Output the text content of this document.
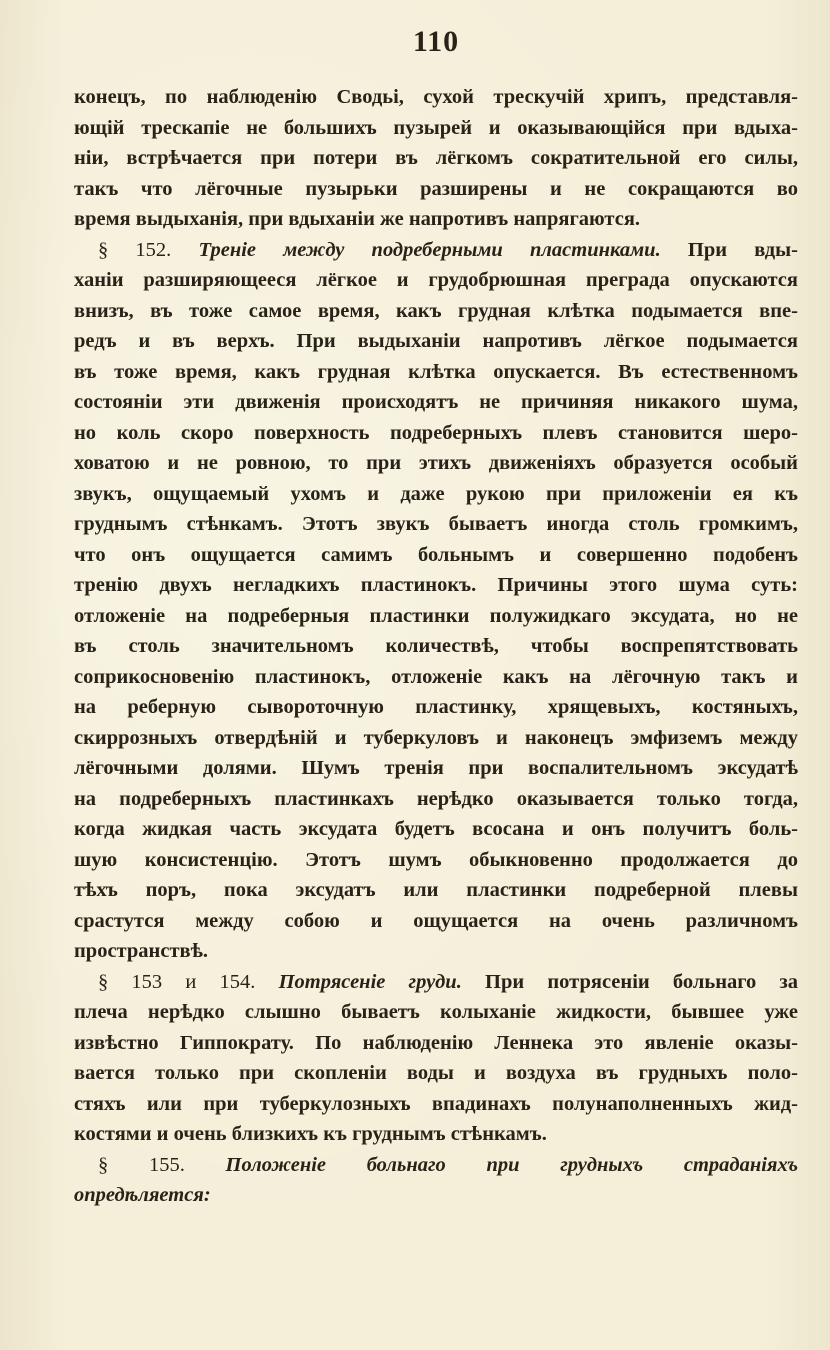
110
конецъ, по наблюденію Сводьі, сухой трескучій хрипъ, представля-
ющій трескапіе не большихъ пузырей и оказывающійся при вдыха-
ніи, встрѣчается при потери въ лёгкомъ сократительной его силы,
такъ что лёгочные пузырьки разширены и не сокращаются во
время выдыханія, при вдыханіи же напротивъ напрягаются.
§ 152. Треніе между подреберными пластинками. При вды-
ханіи разширяющееся лёгкое и грудобрюшная преграда опускаются
внизъ, въ тоже самое время, какъ грудная клѣтка подымается впе-
редъ и въ верхъ. При выдыханіи напротивъ лёгкое подымается
въ тоже время, какъ грудная клѣтка опускается. Въ естественномъ
состояніи эти движенія происходятъ не причиняя никакого шума,
но коль скоро поверхность подреберныхъ плевъ становится шеро-
ховатою и не ровною, то при этихъ движеніяхъ образуется особый
звукъ, ощущаемый ухомъ и даже рукою при приложеніи ея къ
груднымъ стѣнкамъ. Этотъ звукъ бываетъ иногда столь громкимъ,
что онъ ощущается самимъ больнымъ и совершенно подобенъ
тренію двухъ негладкихъ пластинокъ. Причины этого шума суть:
отложеніе на подреберныя пластинки полужидкаго эксудата, но не
въ столь значительномъ количествѣ, чтобы воспрепятствовать
соприкосновенію пластинокъ, отложеніе какъ на лёгочную такъ и
на реберную сывороточную пластинку, хрящевыхъ, костяныхъ,
скиррозныхъ отвердѣній и туберкуловъ и наконецъ эмфиземъ между
лёгочными долями. Шумъ тренія при воспалительномъ эксудатѣ
на подреберныхъ пластинкахъ нерѣдко оказывается только тогда,
когда жидкая часть эксудата будетъ всосана и онъ получитъ боль-
шую консистенцію. Этотъ шумъ обыкновенно продолжается до
тѣхъ поръ, пока эксудатъ или пластинки подреберной плевы
срастутся между собою и ощущается на очень различномъ
пространствѣ.
§ 153 и 154. Потрясеніе груди. При потрясеніи больнаго за
плеча нерѣдко слышно бываетъ колыханіе жидкости, бывшее уже
извѣстно Гиппократу. По наблюденію Леннека это явленіе оказы-
вается только при скопленіи воды и воздуха въ грудныхъ поло-
стяхъ или при туберкулозныхъ впадинахъ полунаполненныхъ жид-
костями и очень близкихъ къ груднымъ стѣнкамъ.
§ 155. Положеніе больнаго при грудныхъ страданіяхъ
опредѣляется:
